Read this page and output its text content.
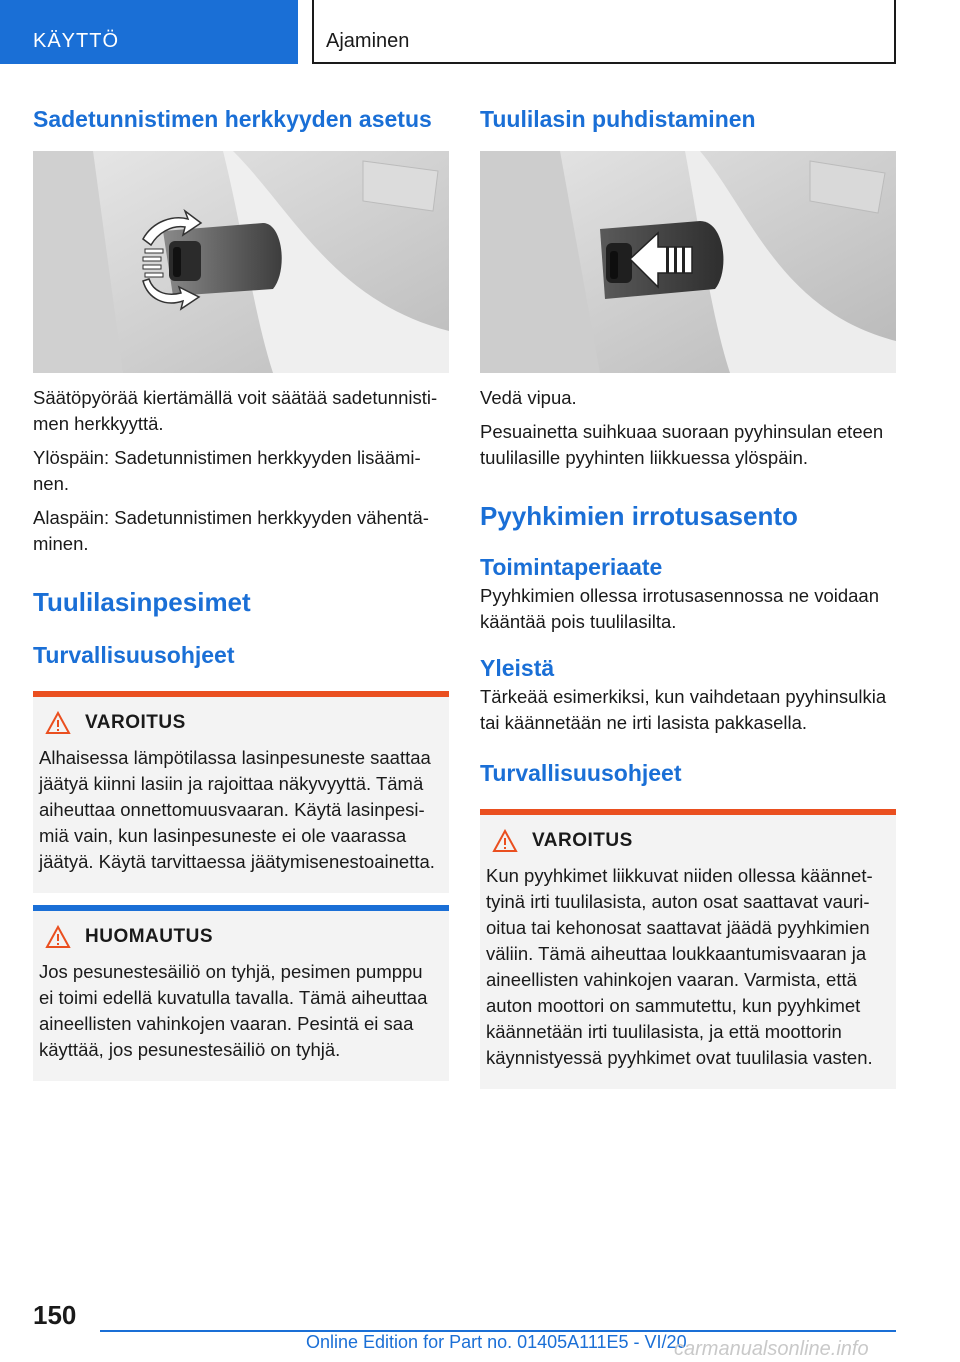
KÄYTTÖ	Ajaminen
Sadetunnistimen herkkyyden asetus

Säätöpyörää kiertämällä voit säätää sadetunnistimen herkkyyttä.

Ylöspäin: Sadetunnistimen herkkyyden lisääminen.

Alaspäin: Sadetunnistimen herkkyyden vähentäminen.

Tuulilasinpesimet
Turvallisuusohjeet
VAROITUS
Alhaisessa lämpötilassa lasinpesuneste saattaa jäätyä kiinni lasiin ja rajoittaa näkyvyyttä. Tämä aiheuttaa onnettomuusvaaran. Käytä lasinpesimiä vain, kun lasinpesuneste ei ole vaarassa jäätyä. Käytä tarvittaessa jäätymisenestoainetta.
HUOMAUTUS
Jos pesunestesäiliö on tyhjä, pesimen pumppu ei toimi edellä kuvatulla tavalla. Tämä aiheuttaa aineellisten vahinkojen vaaran. Pesintä ei saa käyttää, jos pesunestesäiliö on tyhjä.
Tuulilasin puhdistaminen

Vedä vipua.

Pesuainetta suihkuaa suoraan pyyhinsulan eteen tuulilasille pyyhinten liikkuessa ylöspäin.

Pyyhkimien irrotusasento
Toimintaperiaate

Pyyhkimien ollessa irrotusasennossa ne voidaan kääntää pois tuulilasilta.

Yleistä

Tärkeää esimerkiksi, kun vaihdetaan pyyhinsulkia tai käännetään ne irti lasista pakkasella.

Turvallisuusohjeet
VAROITUS
Kun pyyhkimet liikkuvat niiden ollessa käännettyinä irti tuulilasista, auton osat saattavat vaurioitua tai kehonosat saattavat jäädä pyyhkimien väliin. Tämä aiheuttaa loukkaantumisvaaran ja aineellisten vahinkojen vaaran. Varmista, että auton moottori on sammutettu, kun pyyhkimet käännetään irti tuulilasista, ja että moottorin käynnistyessä pyyhkimet ovat tuulilasia vasten.
150
Online Edition for Part no. 01405A111E5 - VI/20
carmanualsonline.info
